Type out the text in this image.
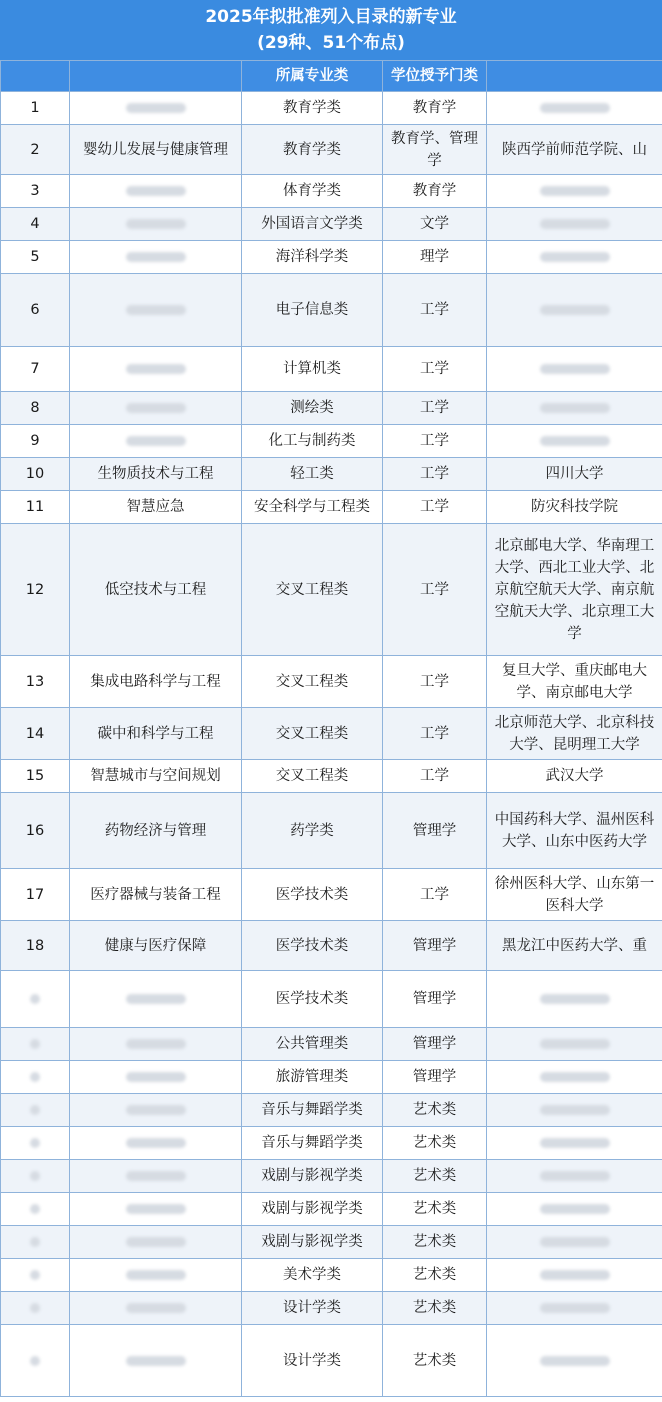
2025年拟批准列入目录的新专业
(29种、51个布点)
		所属专业类	学位授予门类	
1		教育学类	教育学	
2	婴幼儿发展与健康管理	教育学类	教育学、管理学	陕西学前师范学院、山
3		体育学类	教育学	
4		外国语言文学类	文学	
5		海洋科学类	理学	
6		电子信息类	工学	
7		计算机类	工学	
8		测绘类	工学	
9		化工与制药类	工学	
10	生物质技术与工程	轻工类	工学	四川大学
11	智慧应急	安全科学与工程类	工学	防灾科技学院
12	低空技术与工程	交叉工程类	工学	北京邮电大学、华南理工大学、西北工业大学、北京航空航天大学、南京航空航天大学、北京理工大学
13	集成电路科学与工程	交叉工程类	工学	复旦大学、重庆邮电大学、南京邮电大学
14	碳中和科学与工程	交叉工程类	工学	北京师范大学、北京科技大学、昆明理工大学
15	智慧城市与空间规划	交叉工程类	工学	武汉大学
16	药物经济与管理	药学类	管理学	中国药科大学、温州医科大学、山东中医药大学
17	医疗器械与装备工程	医学技术类	工学	徐州医科大学、山东第一医科大学
18	健康与医疗保障	医学技术类	管理学	黑龙江中医药大学、重
		医学技术类	管理学	
		公共管理类	管理学	
		旅游管理类	管理学	
		音乐与舞蹈学类	艺术类	
		音乐与舞蹈学类	艺术类	
		戏剧与影视学类	艺术类	
		戏剧与影视学类	艺术类	
		戏剧与影视学类	艺术类	
		美术学类	艺术类	
		设计学类	艺术类	
		设计学类	艺术类	
